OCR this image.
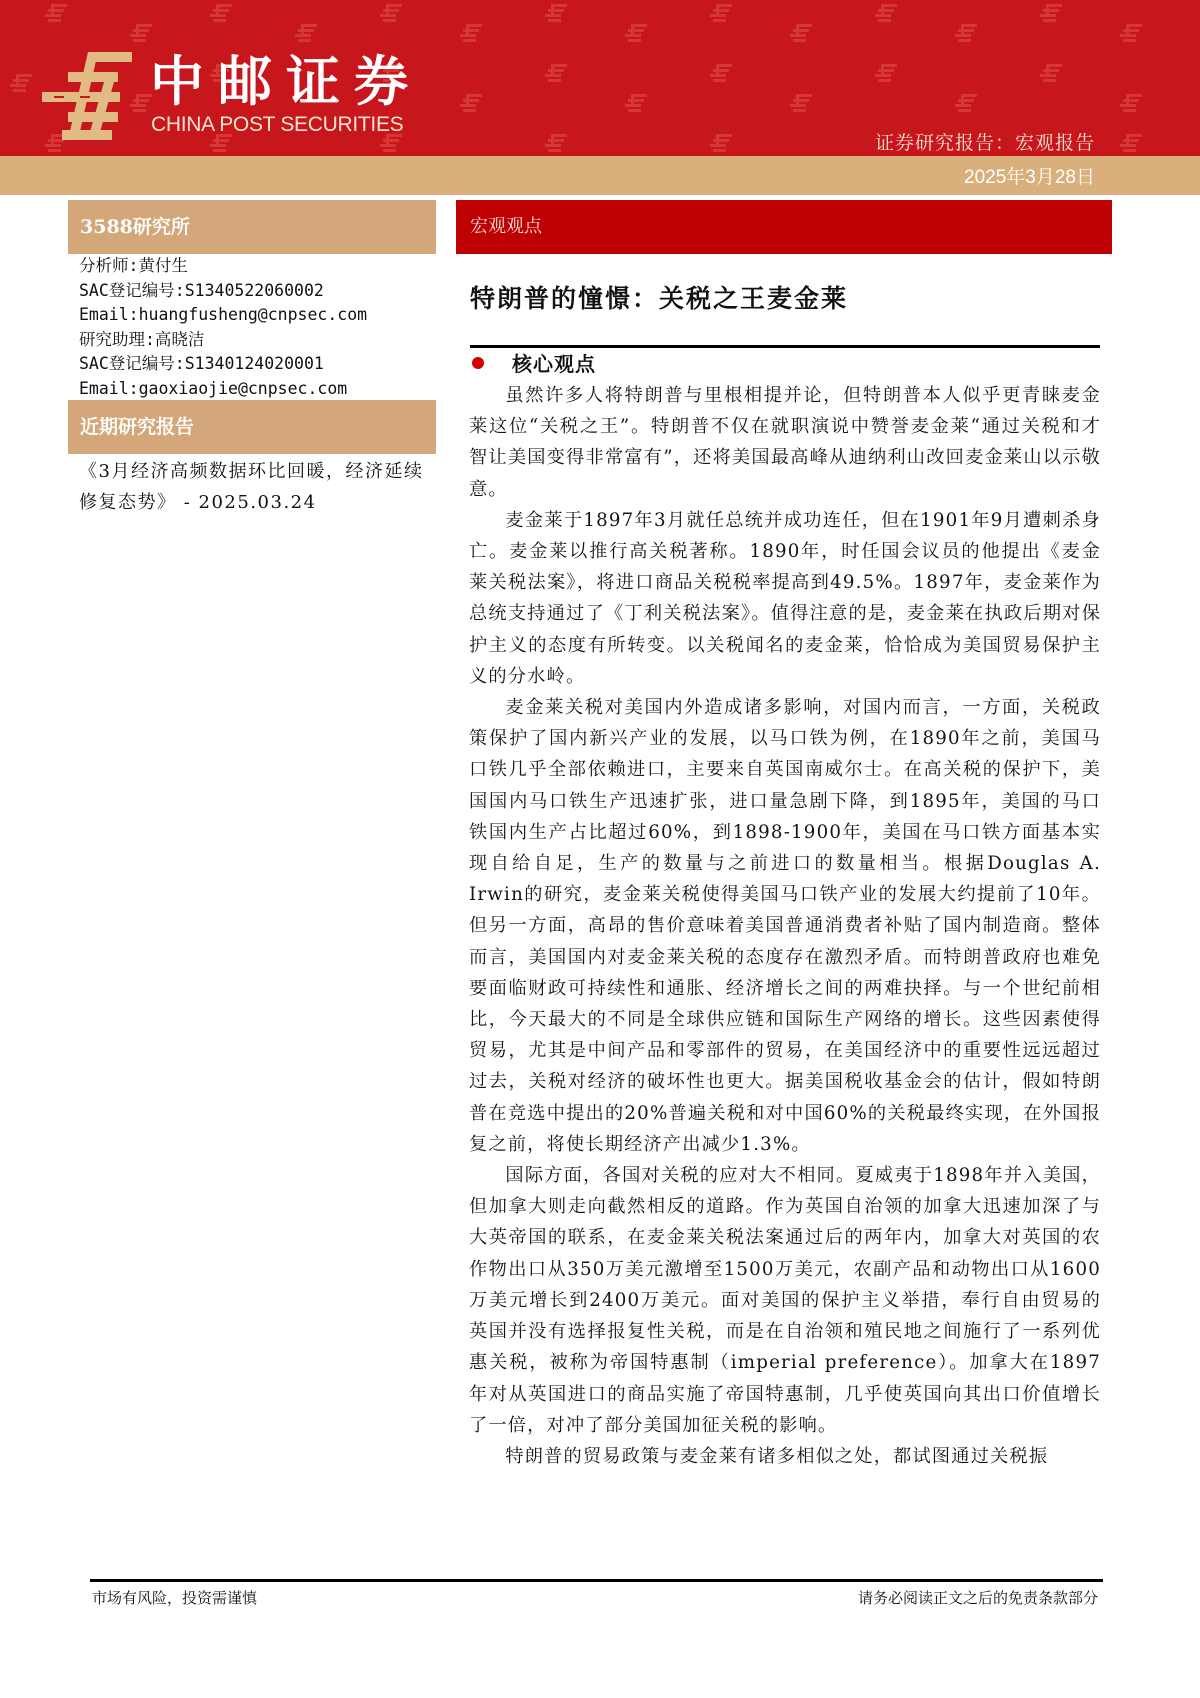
中邮证券
CHINA POST SECURITIES
证券研究报告：宏观报告
2025年3月28日
3588研究所
分析师:黄付生
SAC登记编号:S1340522060002
Email:huangfusheng@cnpsec.com
研究助理:高晓洁
SAC登记编号:S1340124020001
Email:gaoxiaojie@cnpsec.com
近期研究报告
《3月经济高频数据环比回暖，经济延续修复态势》 - 2025.03.24
宏观观点
特朗普的憧憬：关税之王麦金莱
核心观点

虽然许多人将特朗普与里根相提并论，但特朗普本人似乎更青睐麦金莱这位“关税之王”。特朗普不仅在就职演说中赞誉麦金莱“通过关税和才智让美国变得非常富有”，还将美国最高峰从迪纳利山改回麦金莱山以示敬意。

麦金莱于1897年3月就任总统并成功连任，但在1901年9月遭刺杀身亡。麦金莱以推行高关税著称。1890年，时任国会议员的他提出《麦金莱关税法案》，将进口商品关税税率提高到49.5%。1897年，麦金莱作为总统支持通过了《丁利关税法案》。值得注意的是，麦金莱在执政后期对保护主义的态度有所转变。以关税闻名的麦金莱，恰恰成为美国贸易保护主义的分水岭。

麦金莱关税对美国内外造成诸多影响，对国内而言，一方面，关税政策保护了国内新兴产业的发展，以马口铁为例，在1890年之前，美国马口铁几乎全部依赖进口，主要来自英国南威尔士。在高关税的保护下，美国国内马口铁生产迅速扩张，进口量急剧下降，到1895年，美国的马口铁国内生产占比超过60%，到1898-1900年，美国在马口铁方面基本实现自给自足，生产的数量与之前进口的数量相当。根据Douglas A. Irwin的研究，麦金莱关税使得美国马口铁产业的发展大约提前了10年。但另一方面，高昂的售价意味着美国普通消费者补贴了国内制造商。整体而言，美国国内对麦金莱关税的态度存在激烈矛盾。而特朗普政府也难免要面临财政可持续性和通胀、经济增长之间的两难抉择。与一个世纪前相比，今天最大的不同是全球供应链和国际生产网络的增长。这些因素使得贸易，尤其是中间产品和零部件的贸易，在美国经济中的重要性远远超过过去，关税对经济的破坏性也更大。据美国税收基金会的估计，假如特朗普在竞选中提出的20%普遍关税和对中国60%的关税最终实现，在外国报复之前，将使长期经济产出减少1.3%。

国际方面，各国对关税的应对大不相同。夏威夷于1898年并入美国，但加拿大则走向截然相反的道路。作为英国自治领的加拿大迅速加深了与大英帝国的联系，在麦金莱关税法案通过后的两年内，加拿大对英国的农作物出口从350万美元激增至1500万美元，农副产品和动物出口从1600万美元增长到2400万美元。面对美国的保护主义举措，奉行自由贸易的英国并没有选择报复性关税，而是在自治领和殖民地之间施行了一系列优惠关税，被称为帝国特惠制（imperial preference）。加拿大在1897年对从英国进口的商品实施了帝国特惠制，几乎使英国向其出口价值增长了一倍，对冲了部分美国加征关税的影响。

特朗普的贸易政策与麦金莱有诸多相似之处，都试图通过关税振

市场有风险，投资需谨慎	请务必阅读正文之后的免责条款部分
